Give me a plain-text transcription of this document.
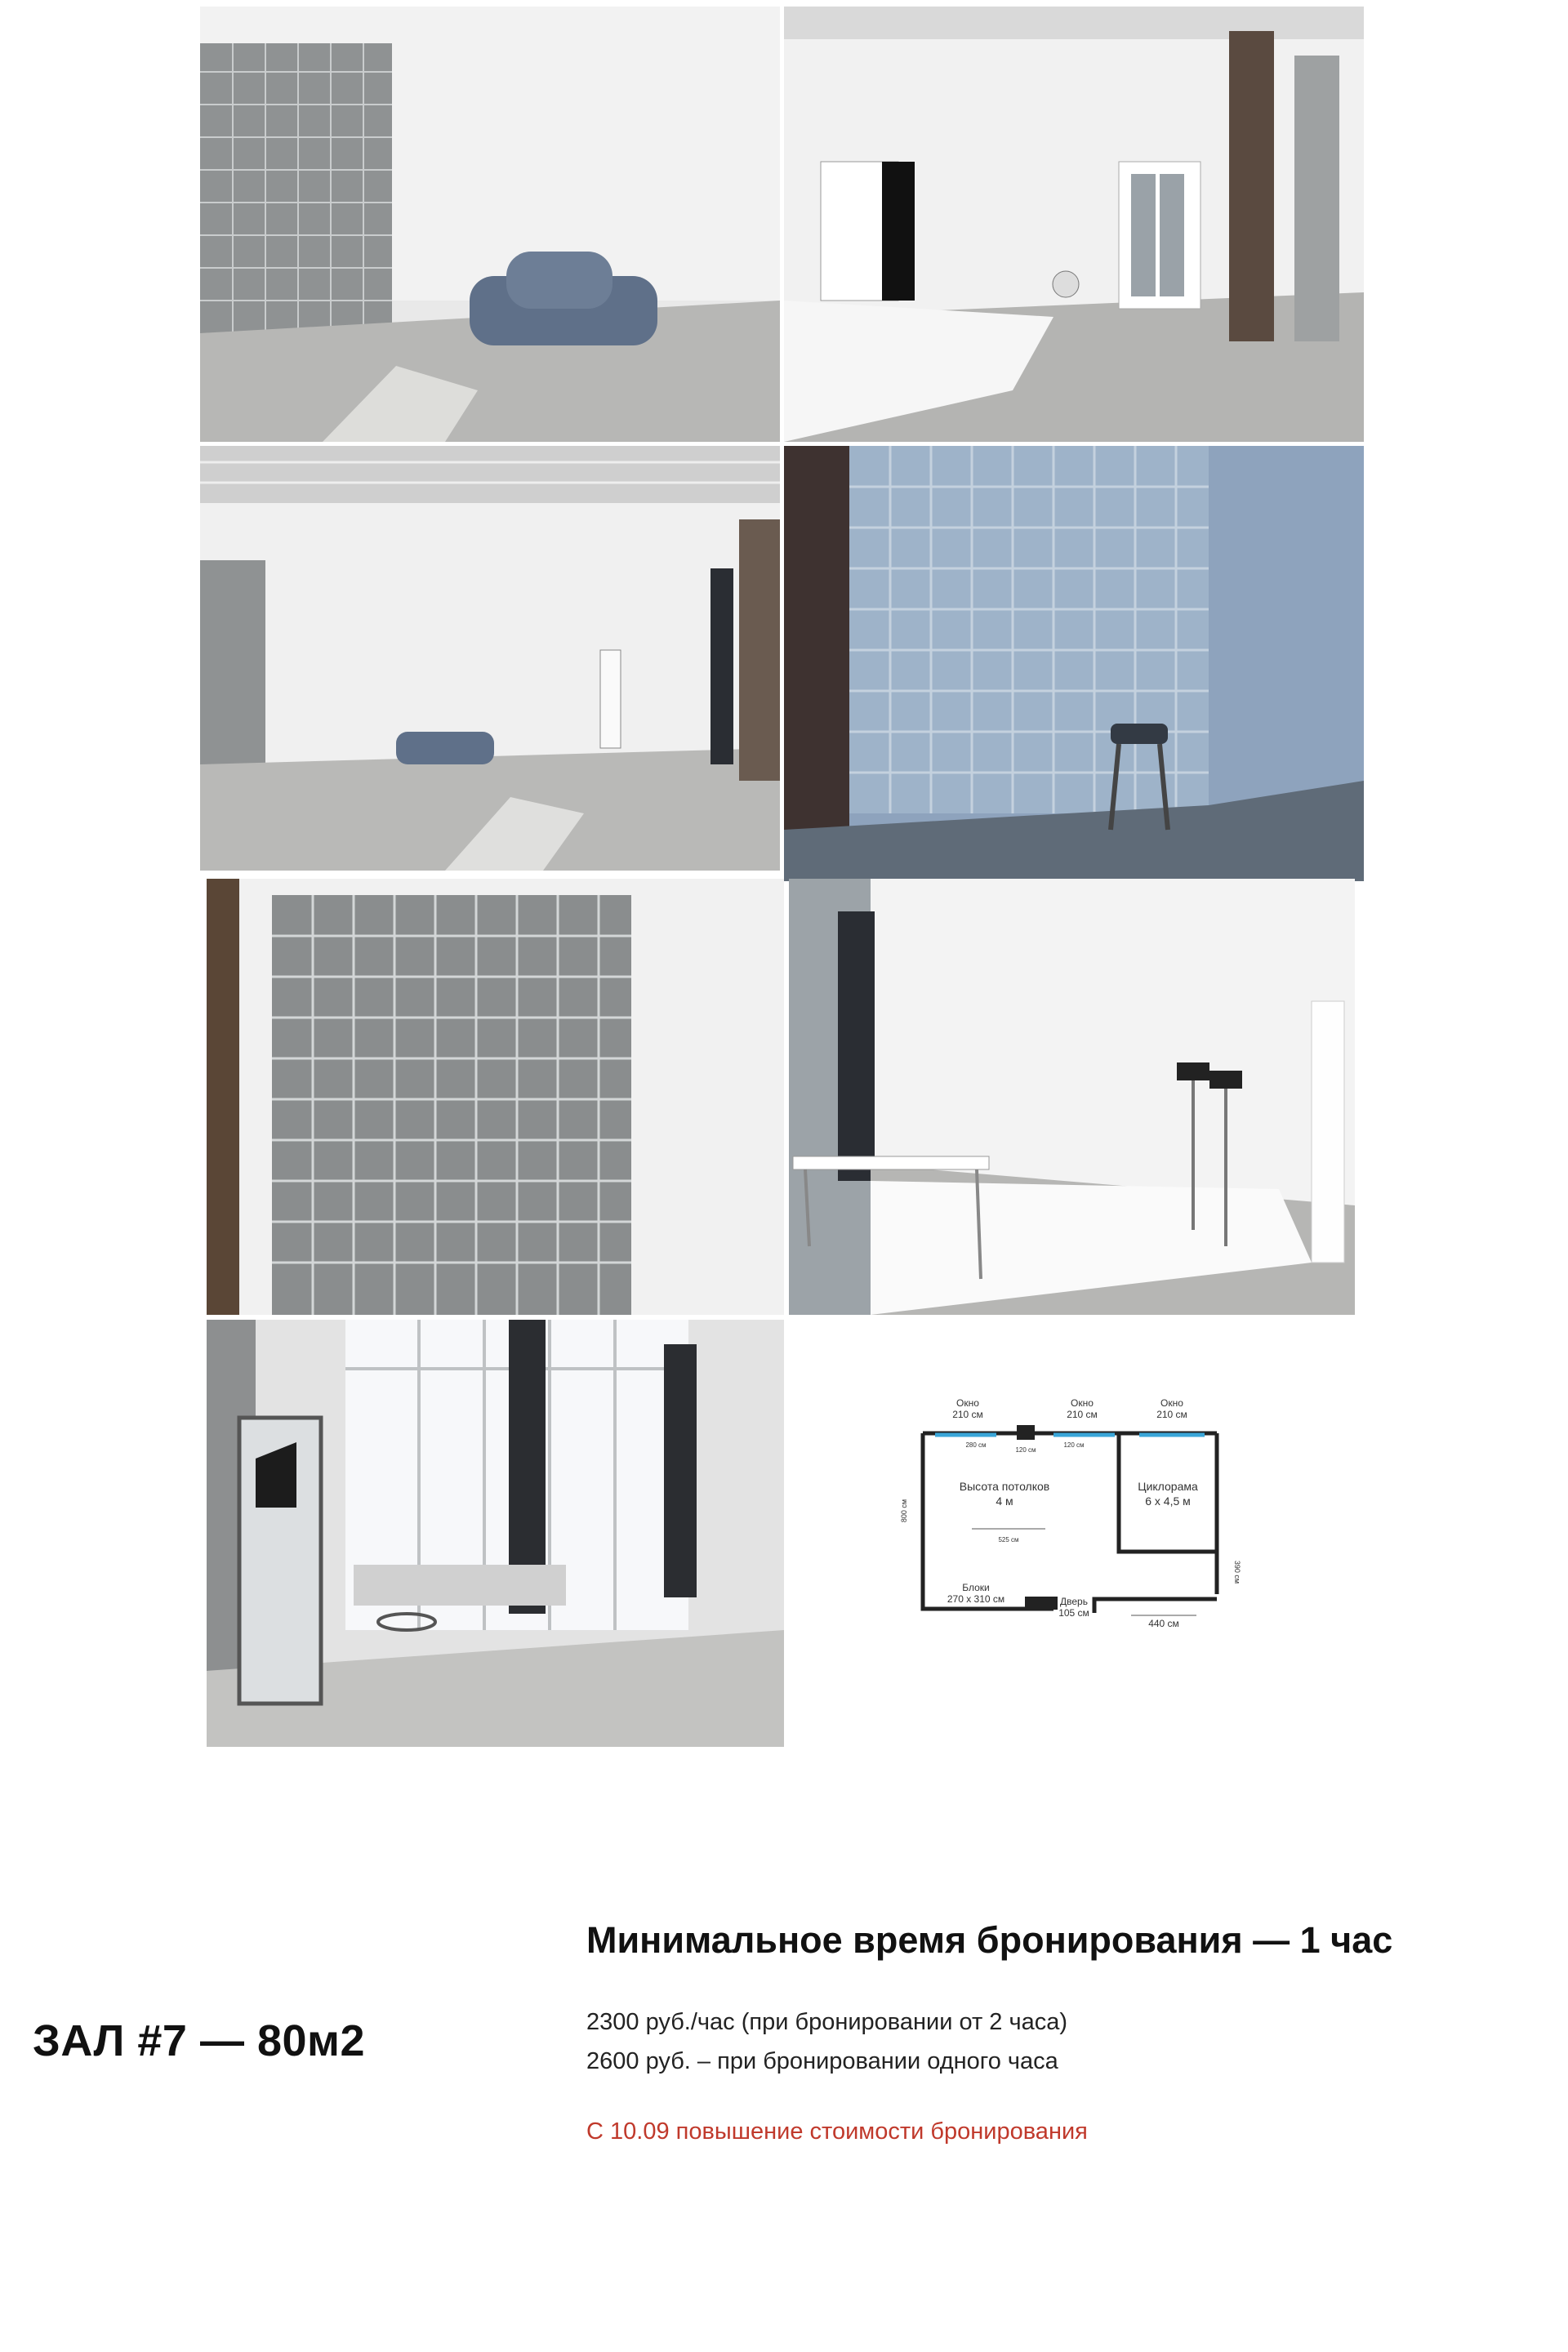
Окно
210 см
Окно
210 см
Окно
210 см
280 см
120 см
120 см
Высота потолков
4 м
525 см
800 см
Циклорама
6 x 4,5 м
Блоки
270 x 310 см	Дверь
105 см
440 см
390 см
ЗАЛ #7 — 80м2
Минимальное время бронирования — 1 час

2300 руб./час (при бронировании от 2 часа)

2600 руб. – при бронировании одного часа

С 10.09 повышение стоимости бронирования
